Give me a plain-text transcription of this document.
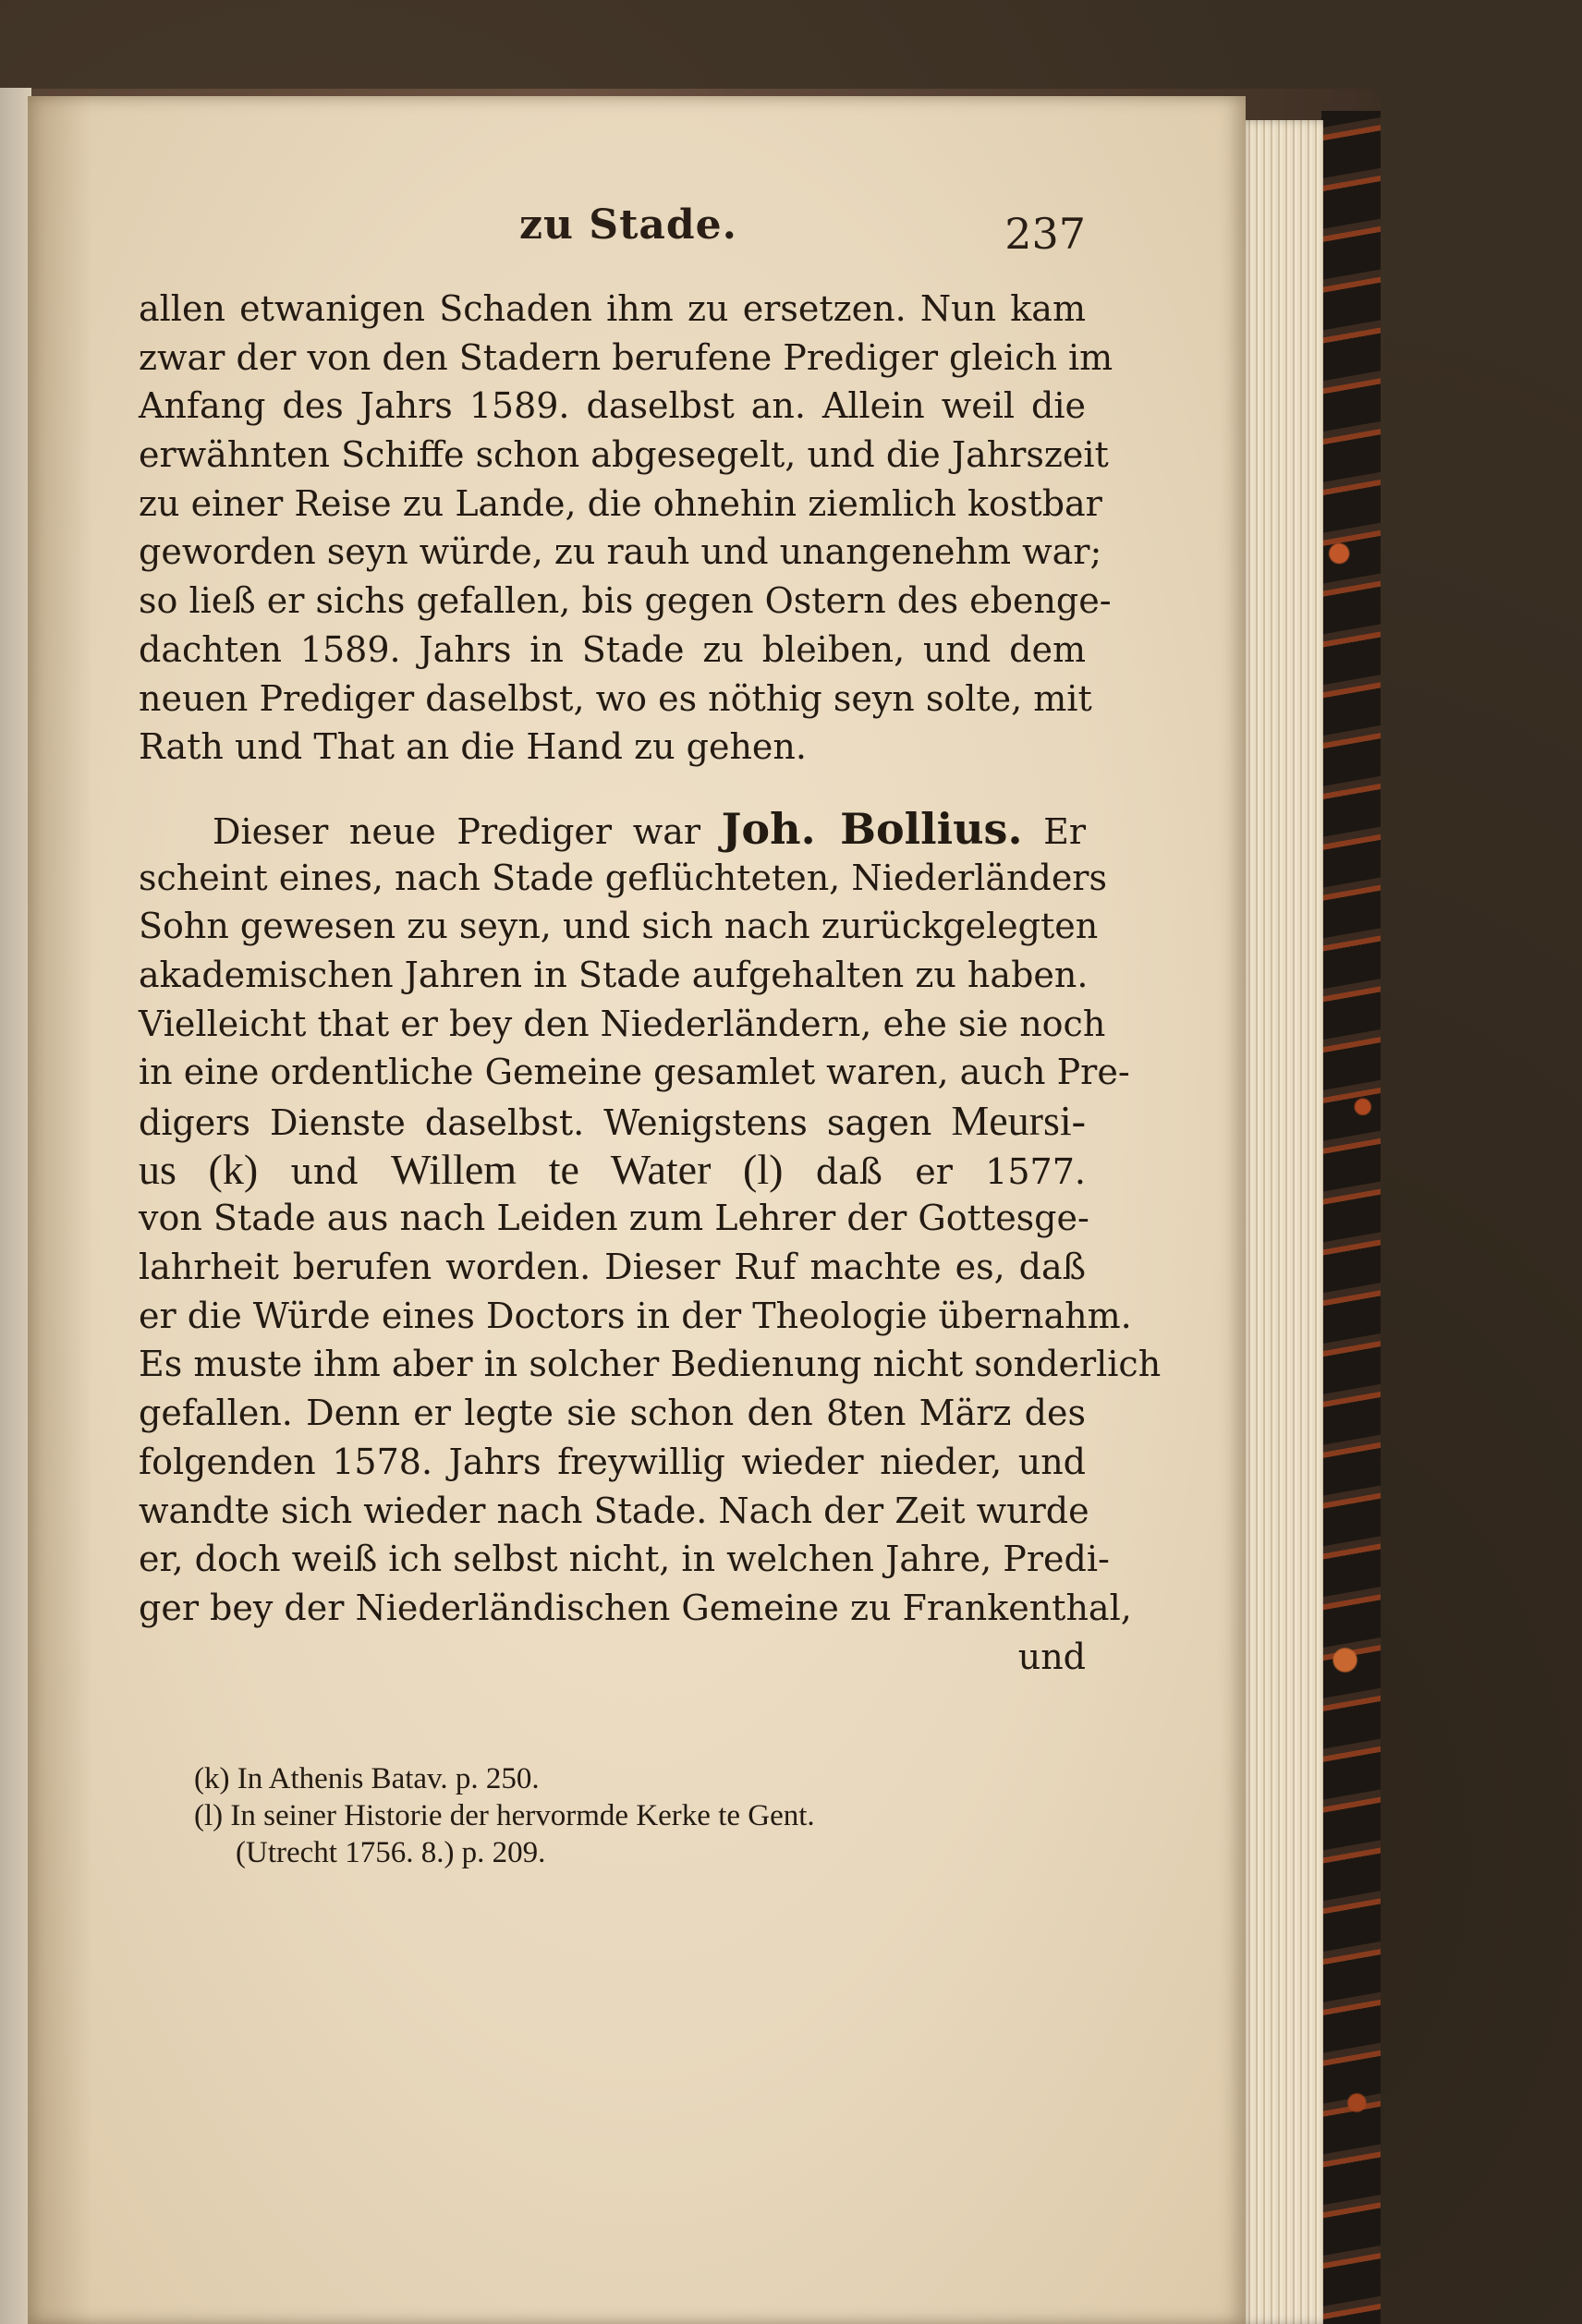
zu Stade.	237
allen etwanigen Schaden ihm zu ersetzen. Nun kam
zwar der von den Stadern berufene Prediger gleich im
Anfang des Jahrs 1589. daselbst an. Allein weil die
erwähnten Schiffe schon abgesegelt, und die Jahrszeit
zu einer Reise zu Lande, die ohnehin ziemlich kostbar
geworden seyn würde, zu rauh und unangenehm war;
so ließ er sichs gefallen, bis gegen Ostern des ebenge-
dachten 1589. Jahrs in Stade zu bleiben, und dem
neuen Prediger daselbst, wo es nöthig seyn solte, mit
Rath und That an die Hand zu gehen.
Dieser neue Prediger war Joh. Bollius. Er
scheint eines, nach Stade geflüchteten, Niederländers
Sohn gewesen zu seyn, und sich nach zurückgelegten
akademischen Jahren in Stade aufgehalten zu haben.
Vielleicht that er bey den Niederländern, ehe sie noch
in eine ordentliche Gemeine gesamlet waren, auch Pre-
digers Dienste daselbst. Wenigstens sagen Meursi-
us (k) und Willem te Water (l) daß er 1577.
von Stade aus nach Leiden zum Lehrer der Gottesge-
lahrheit berufen worden. Dieser Ruf machte es, daß
er die Würde eines Doctors in der Theologie übernahm.
Es muste ihm aber in solcher Bedienung nicht sonderlich
gefallen. Denn er legte sie schon den 8ten März des
folgenden 1578. Jahrs freywillig wieder nieder, und
wandte sich wieder nach Stade. Nach der Zeit wurde
er, doch weiß ich selbst nicht, in welchen Jahre, Predi-
ger bey der Niederländischen Gemeine zu Frankenthal,
und
(k) In Athenis Batav. p. 250.
(l) In seiner Historie der hervormde Kerke te Gent.
(Utrecht 1756. 8.) p. 209.
